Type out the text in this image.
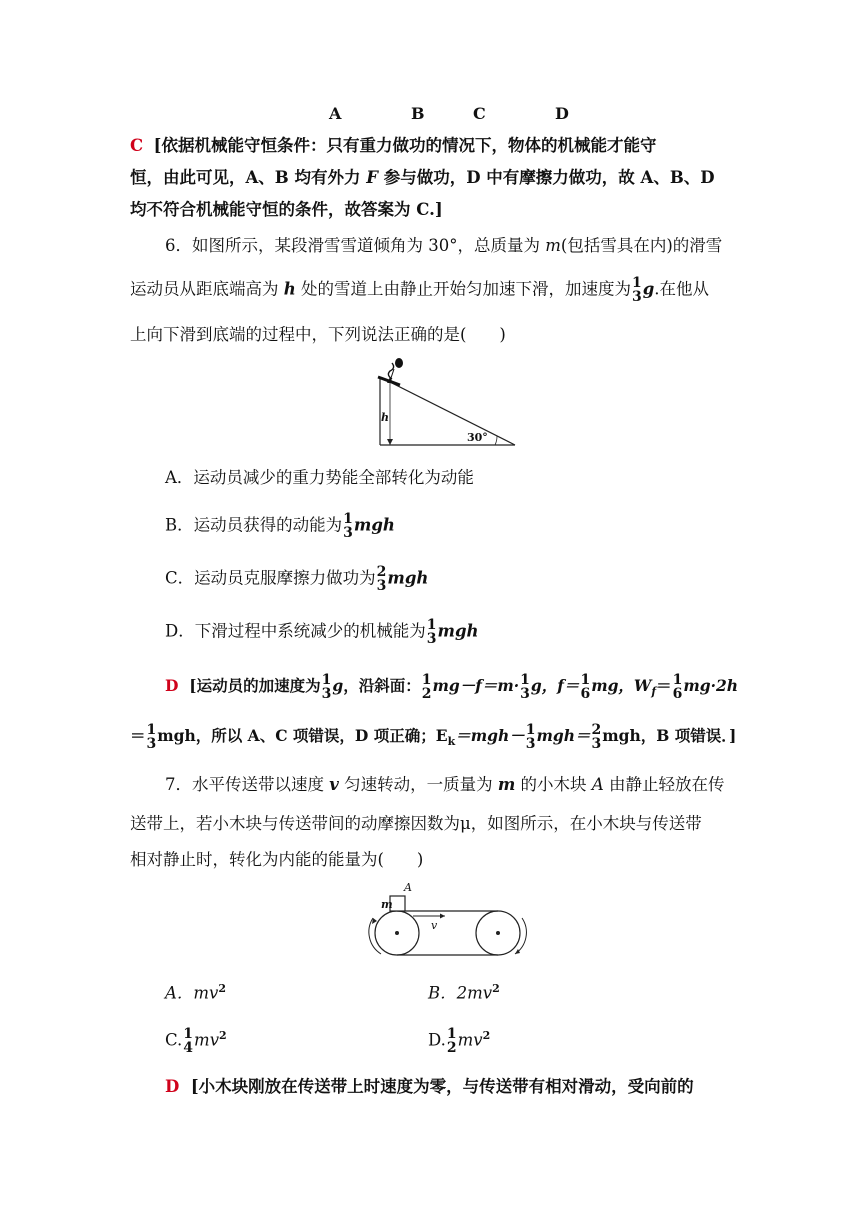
A	B	C	D
C [依据机械能守恒条件：只有重力做功的情况下，物体的机械能才能守
恒，由此可见，A、B 均有外力 F 参与做功，D 中有摩擦力做功，故 A、B、D
均不符合机械能守恒的条件，故答案为 C.]
6．如图所示，某段滑雪雪道倾角为 30°，总质量为 m(包括雪具在内)的滑雪
运动员从距底端高为 h 处的雪道上由静止开始匀加速下滑，加速度为 1
3 g.在他从
上向下滑到底端的过程中，下列说法正确的是(　　)
h
30°
A．运动员减少的重力势能全部转化为动能
B．运动员获得的动能为 1
3 mgh
C．运动员克服摩擦力做功为 2
3 mgh
D．下滑过程中系统减少的机械能为 1
3 mgh
D [运动员的加速度为 1
3 g，沿斜面： 1
2 mg－f＝m· 1
3 g，f＝ 1
6 mg，$W_f= 1$
6 mg·2h
＝ 1
3 mgh，所以 A、C 项错误，D 项正确；$E_k=mgh- 1$
3 mgh＝ 2
3 mgh，B 项错误．]
7．水平传送带以速度 v 匀速转动，一质量为 m 的小木块 A 由静止轻放在传
送带上，若小木块与传送带间的动摩擦因数为μ，如图所示，在小木块与传送带
相对静止时，转化为内能的能量为(　　)
A
m
v
A．$mv^2$	B．$2mv^2$
C. 1
4 $mv^2$	D. 1
2 $mv^2$
D [小木块刚放在传送带上时速度为零，与传送带有相对滑动，受向前的
